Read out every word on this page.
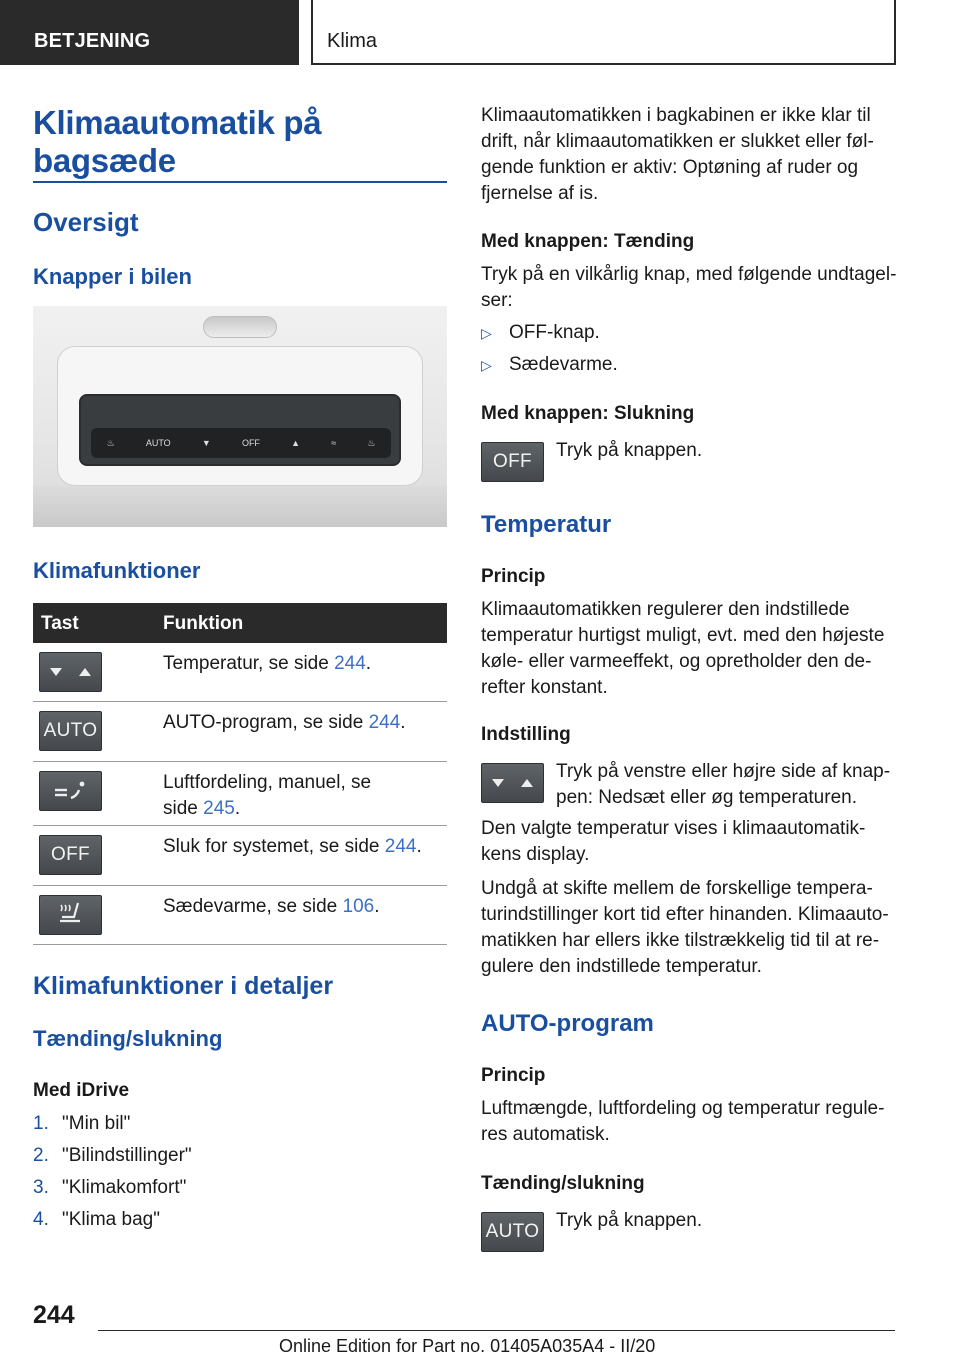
BETJENING	Klima
Klimaautomatik på bagsæde
Oversigt
Knapper i bilen
♨	AUTO	▼	OFF	▲	≈	♨
Klimafunktioner
Tast	Funktion
Temperatur, se side 244.
AUTO	AUTO-program, se side 244.
Luftfordeling, manuel, se
side 245.
OFF	Sluk for systemet, se side 244.
Sædevarme, se side 106.
Klimafunktioner i detaljer
Tænding/slukning
Med iDrive
1. "Min bil"
2. "Bilindstillinger"
3. "Klimakomfort"
4. "Klima bag"
Klimaautomatikken i bagkabinen er ikke klar til
drift, når klimaautomatikken er slukket eller føl-
gende funktion er aktiv: Optøning af ruder og
fjernelse af is.
Med knappen: Tænding
Tryk på en vilkårlig knap, med følgende undtagel-
ser:
▷ OFF-knap.
▷ Sædevarme.
Med knappen: Slukning
OFF
Tryk på knappen.
Temperatur
Princip
Klimaautomatikken regulerer den indstillede
temperatur hurtigst muligt, evt. med den højeste
køle- eller varmeeffekt, og opretholder den de-
refter konstant.
Indstilling
Tryk på venstre eller højre side af knap-
pen: Nedsæt eller øg temperaturen.
Den valgte temperatur vises i klimaautomatik-
kens display.
Undgå at skifte mellem de forskellige tempera-
turindstillinger kort tid efter hinanden. Klimaauto-
matikken har ellers ikke tilstrækkelig tid til at re-
gulere den indstillede temperatur.
AUTO-program
Princip
Luftmængde, luftfordeling og temperatur regule-
res automatisk.
Tænding/slukning
AUTO
Tryk på knappen.
244
Online Edition for Part no. 01405A035A4 - II/20
